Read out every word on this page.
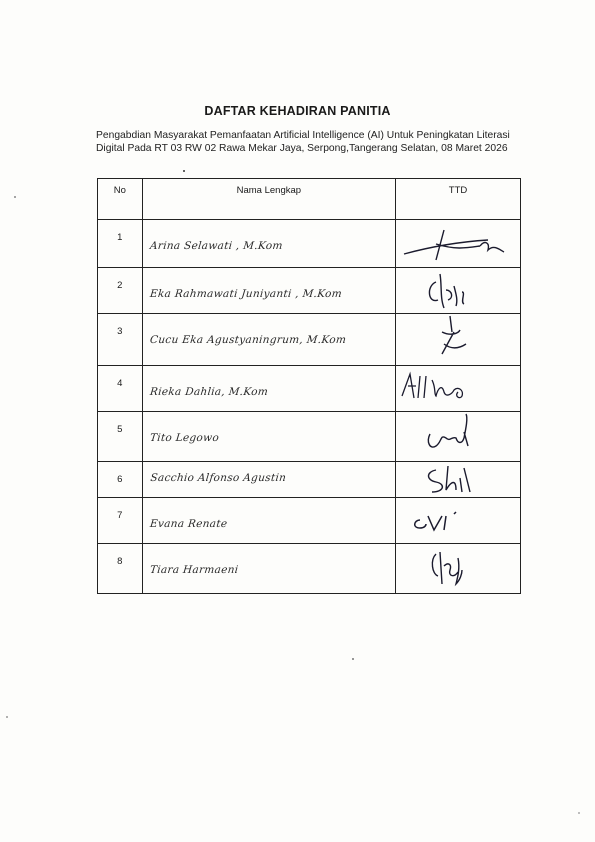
DAFTAR KEHADIRAN PANITIA
Pengabdian Masyarakat Pemanfaatan Artificial Intelligence (AI) Untuk Peningkatan Literasi Digital Pada RT 03 RW 02 Rawa Mekar Jaya, Serpong,Tangerang Selatan, 08 Maret 2026
No	Nama Lengkap	TTD
1	Arina Selawati , M.Kom

2	Eka Rahmawati Juniyanti , M.Kom

3	Cucu Eka Agustyaningrum, M.Kom

4	Rieka Dahlia, M.Kom

5	Tito Legowo

6	Sacchio Alfonso Agustin

7	Evana Renate

8	Tiara Harmaeni
